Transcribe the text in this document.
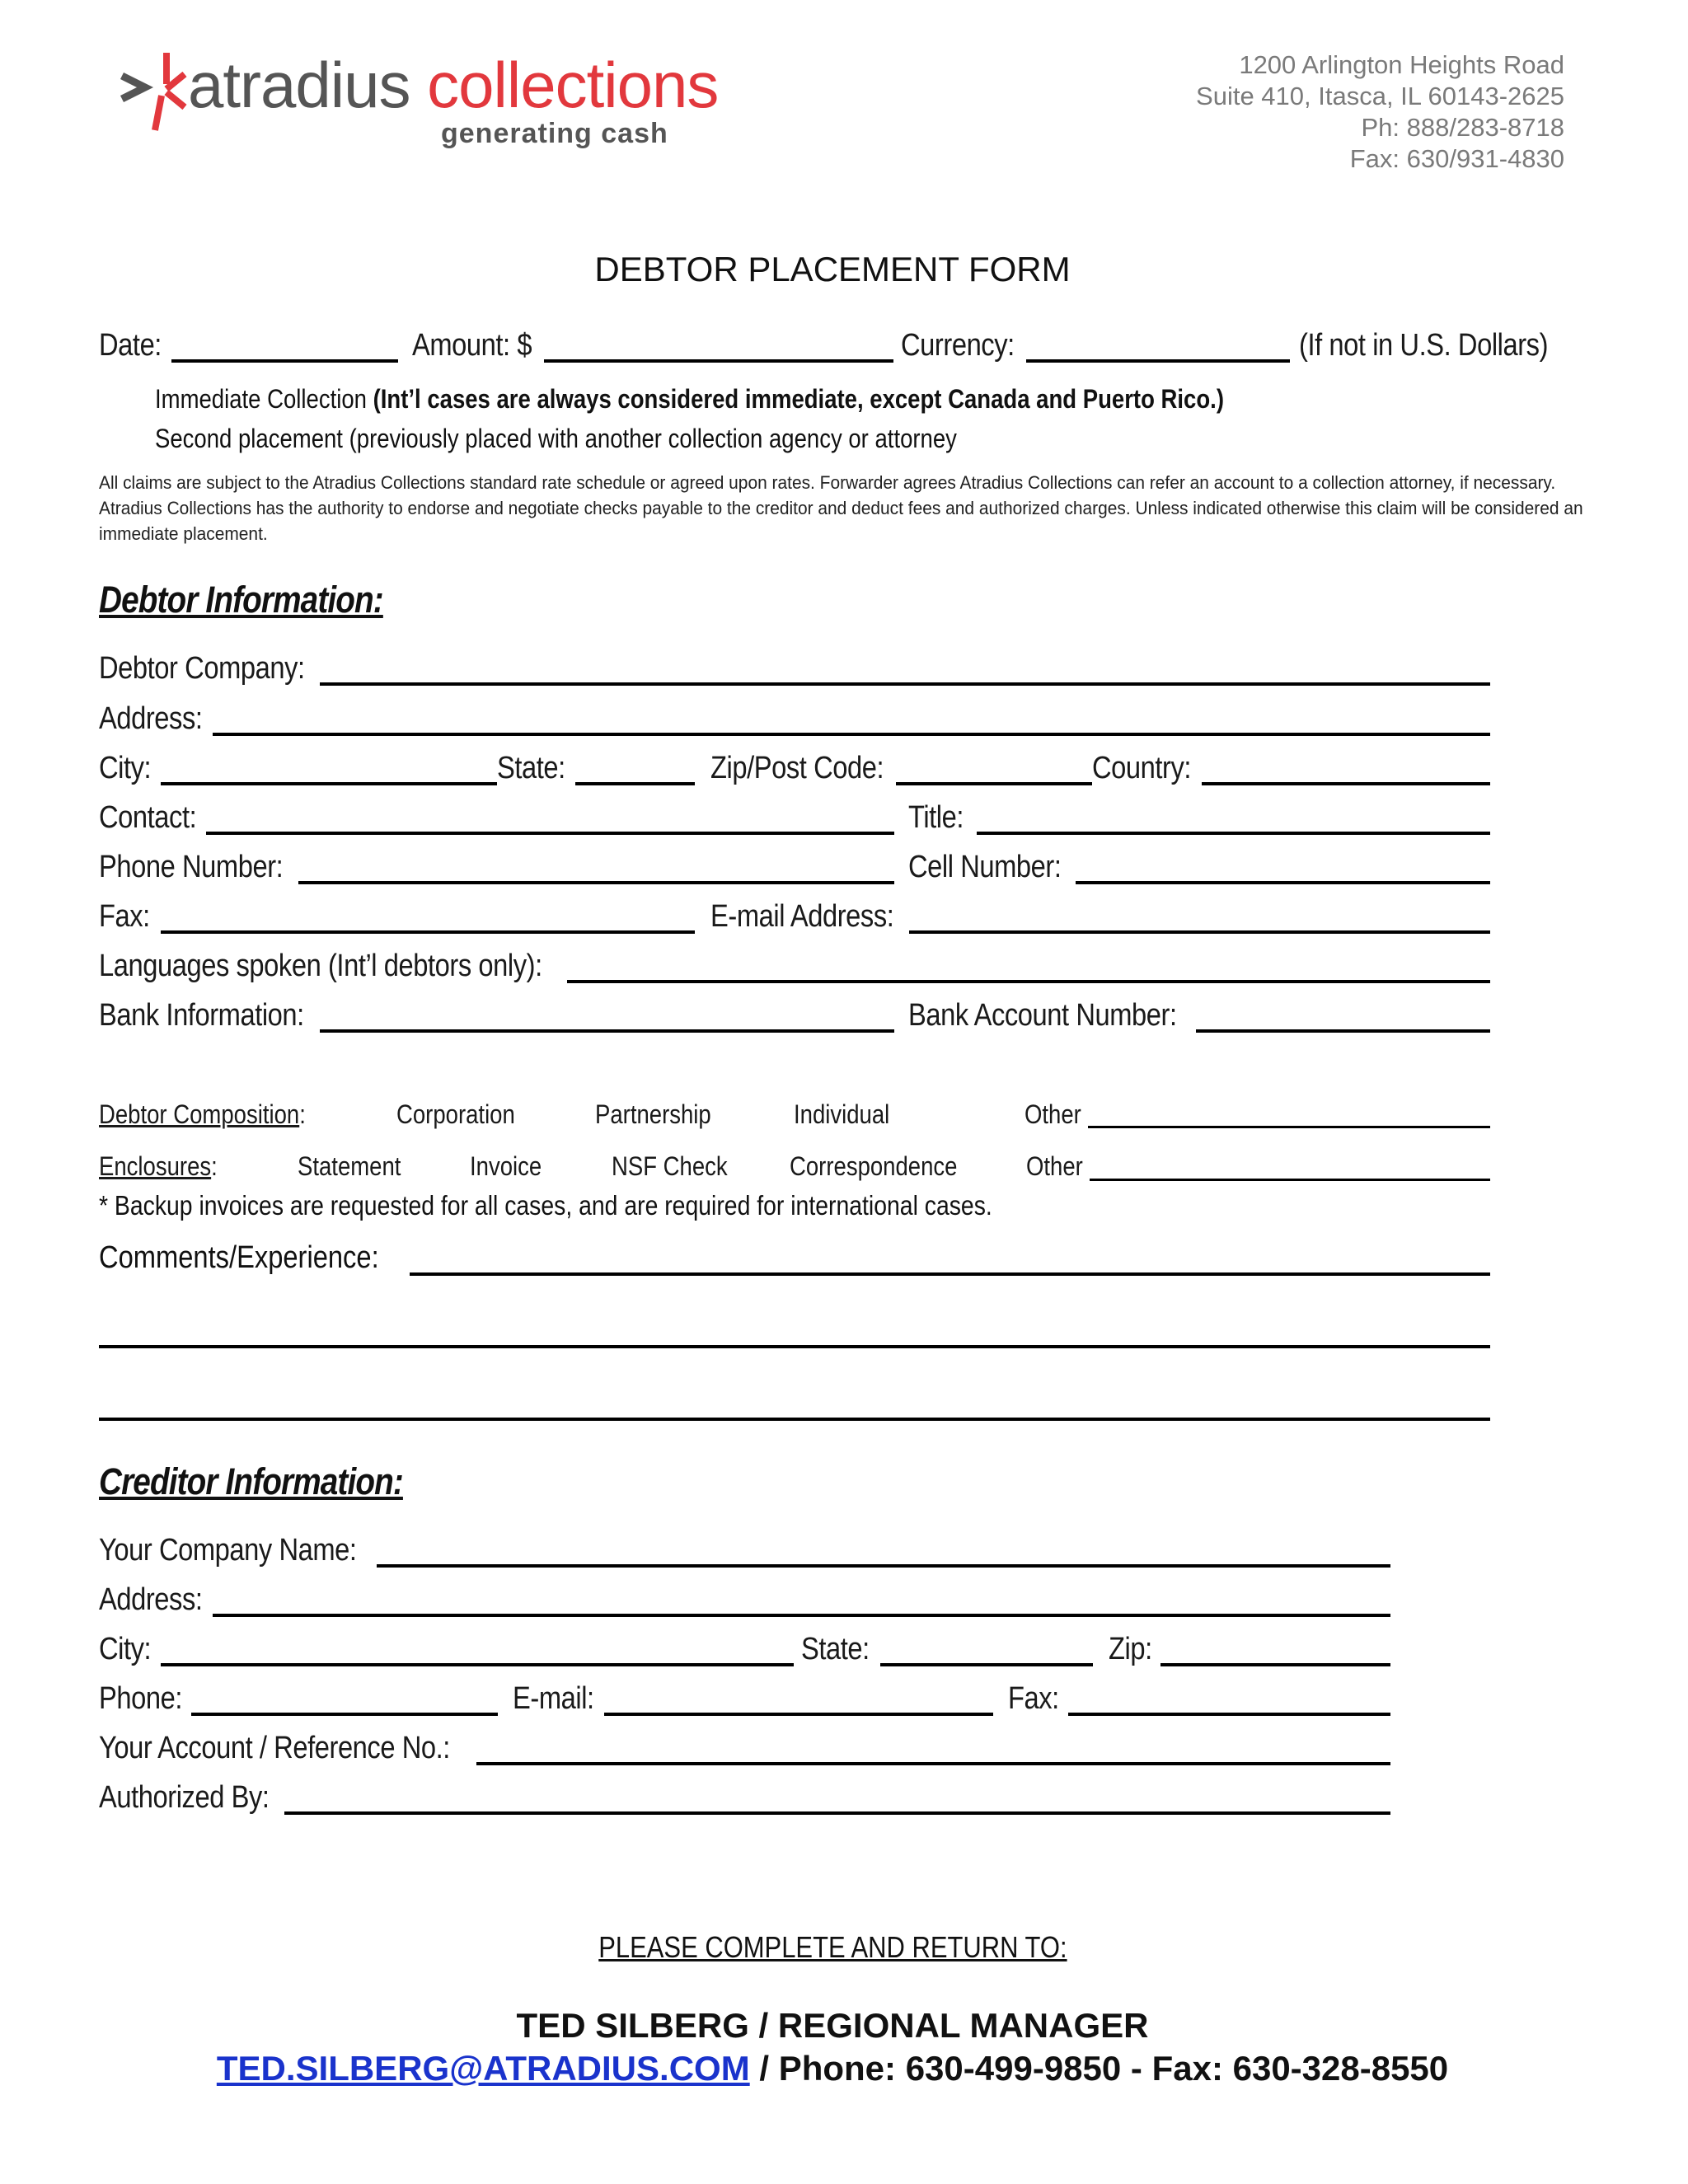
atradius collections
generating cash
1200 Arlington Heights Road
Suite 410, Itasca, IL 60143-2625
Ph: 888/283-8718
Fax: 630/931-4830
DEBTOR PLACEMENT FORM
Date:	Amount: $	Currency:	(If not in U.S. Dollars)
Immediate Collection (Int’l cases are always considered immediate, except Canada and Puerto Rico.)
Second placement (previously placed with another collection agency or attorney
All claims are subject to the Atradius Collections standard rate schedule or agreed upon rates. Forwarder agrees Atradius Collections can refer an account to a collection attorney, if necessary. Atradius Collections has the authority to endorse and negotiate checks payable to the creditor and deduct fees and authorized charges. Unless indicated otherwise this claim will be considered an immediate placement.
Debtor Information:
Debtor Company:
Address:
City:	State:	Zip/Post Code:	Country:
Contact:	Title:
Phone Number:	Cell Number:
Fax:	E-mail Address:
Languages spoken (Int’l debtors only):
Bank Information:	Bank Account Number:
Debtor Composition:	Corporation	Partnership	Individual	Other
Enclosures:	Statement	Invoice	NSF Check Correspondence	Other
* Backup invoices are requested for all cases, and are required for international cases.
Comments/Experience:
Creditor Information:
Your Company Name:
Address:
City:	State:	Zip:
Phone:	E-mail:	Fax:
Your Account / Reference No.:
Authorized By:
PLEASE COMPLETE AND RETURN TO:
TED SILBERG / REGIONAL MANAGER
TED.SILBERG@ATRADIUS.COM / Phone: 630-499-9850 - Fax: 630-328-8550
